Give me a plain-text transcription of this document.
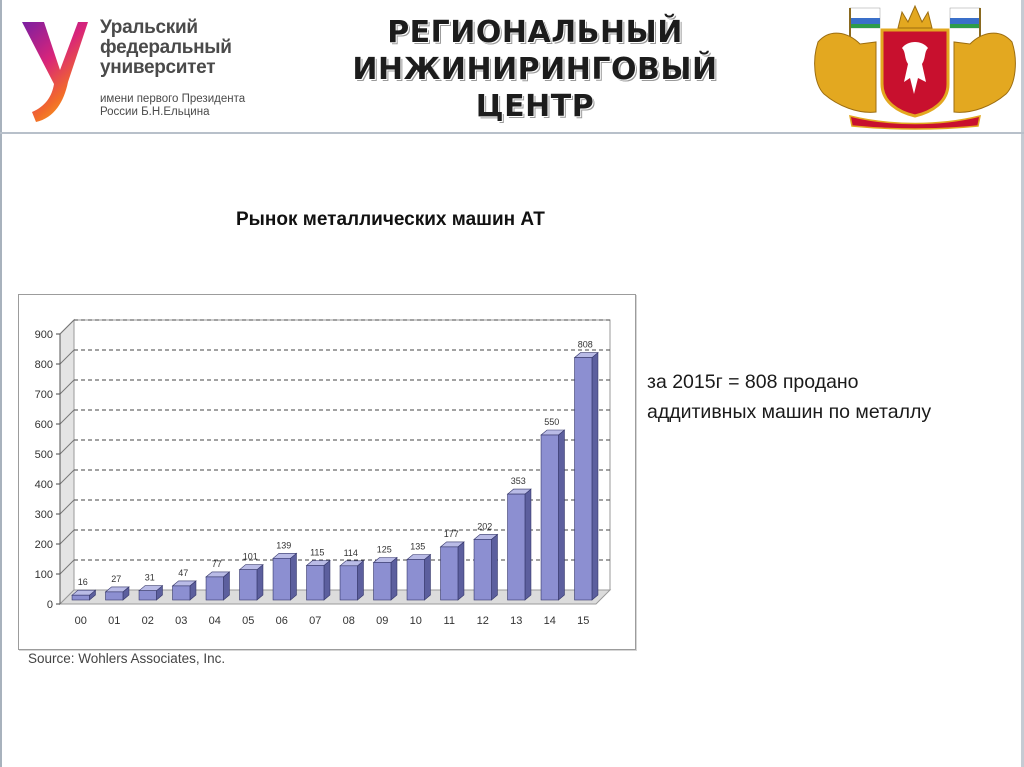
Уральский
федеральный
университет
имени первого Президента
России Б.Н.Ельцина
РЕГИОНАЛЬНЫЙ
ИНЖИНИРИНГОВЫЙ
ЦЕНТР
Рынок металлических машин АТ
0
100
200
300
400
500
600
700
800
900
16
00
27
01
31
02
47
03
77
04
101
05
139
06
115
07
114
08
125
09
135
10
177
11
202
12
353
13
550
14
808
15
Source: Wohlers Associates, Inc.
за 2015г = 808 продано
аддитивных машин по металлу
